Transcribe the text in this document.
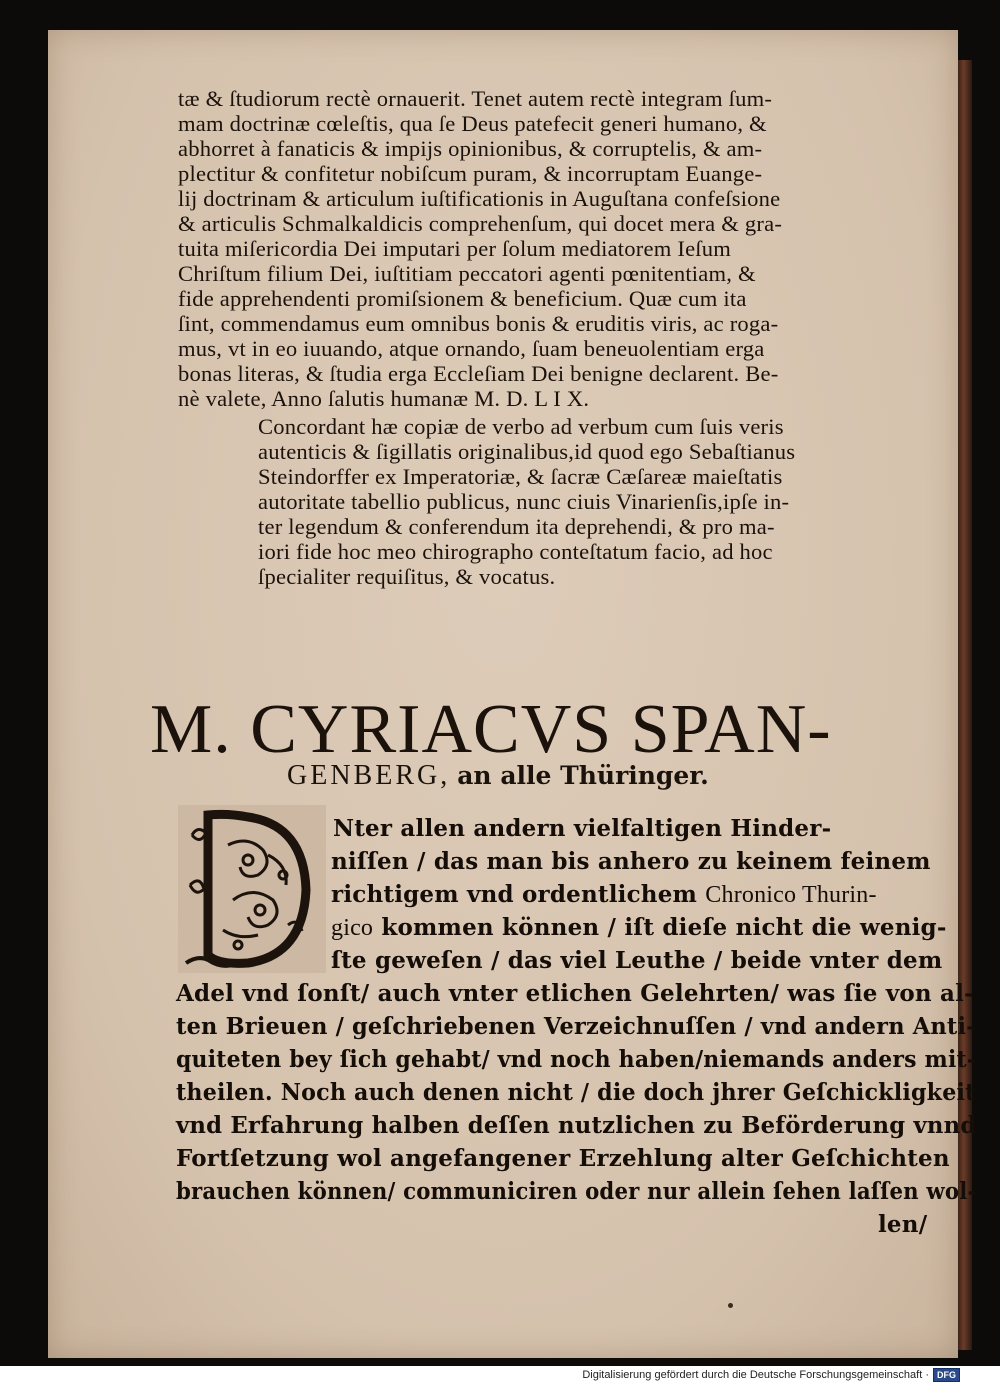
tæ & ſtudiorum rectè ornauerit. Tenet autem rectè integram ſum-
mam doctrinæ cœleſtis, qua ſe Deus patefecit generi humano, &
abhorret à fanaticis & impijs opinionibus, & corruptelis, & am-
plectitur & confitetur nobiſcum puram, & incorruptam Euange-
lij doctrinam & articulum iuſtificationis in Auguſtana confeſsione
& articulis Schmalkaldicis comprehenſum, qui docet mera & gra-
tuita miſericordia Dei imputari per ſolum mediatorem Ieſum
Chriſtum filium Dei, iuſtitiam peccatori agenti pœnitentiam, &
fide apprehendenti promiſsionem & beneficium. Quæ cum ita
ſint, commendamus eum omnibus bonis & eruditis viris, ac roga-
mus, vt in eo iuuando, atque ornando, ſuam beneuolentiam erga
bonas literas, & ſtudia erga Eccleſiam Dei benigne declarent. Be-
nè valete, Anno ſalutis humanæ M. D. L I X.
Concordant hæ copiæ de verbo ad verbum cum ſuis veris
autenticis & ſigillatis originalibus,id quod ego Sebaſtianus
Steindorffer ex Imperatoriæ, & ſacræ Cæſareæ maieſtatis
autoritate tabellio publicus, nunc ciuis Vinarienſis,ipſe in-
ter legendum & conferendum ita deprehendi, & pro ma-
iori fide hoc meo chirographo conteſtatum facio, ad hoc
ſpecialiter requiſitus, & vocatus.
M. CYRIACVS SPAN-
GENBERG, an alle Thüringer.
Nter allen andern vielfaltigen Hinder-
niſſen / das man bis anhero zu keinem feinem
richtigem vnd ordentlichem Chronico Thurin-
gico kommen können / iſt dieſe nicht die wenig-
ſte geweſen / das viel Leuthe / beide vnter dem
Adel vnd ſonſt/ auch vnter etlichen Gelehrten/ was ſie von al-
ten Brieuen / geſchriebenen Verzeichnuſſen / vnd andern Anti-
quiteten bey ſich gehabt/ vnd noch haben/niemands anders mit-
theilen. Noch auch denen nicht / die doch jhrer Geſchickligkeit
vnd Erfahrung halben deſſen nutzlichen zu Beförderung vnnd
Fortſetzung wol angefangener Erzehlung alter Geſchichten
brauchen können/ communiciren oder nur allein ſehen laſſen wol-
len/
Digitalisierung gefördert durch die Deutsche Forschungsgemeinschaft · DFG
